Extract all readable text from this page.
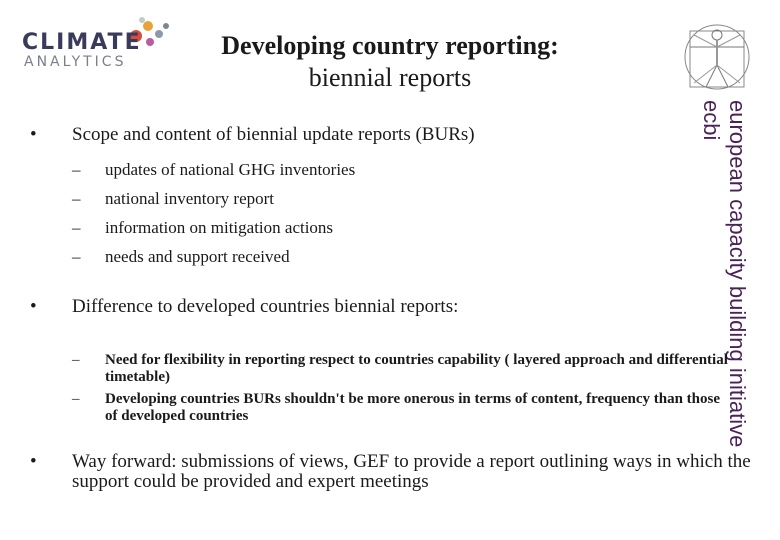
CLIMATE
ANALYTICS
Developing country reporting:
biennial reports
european capacity building initiative
ecbi
• Scope and content of biennial update reports (BURs)
– updates of national GHG inventories
– national inventory report
– information on mitigation actions
– needs and support received
• Difference to developed countries biennial reports:
– Need for flexibility in reporting respect to countries capability ( layered approach and differential timetable)
– Developing countries BURs shouldn't be more onerous in terms of content, frequency than those of developed countries
• Way forward: submissions of views, GEF to provide a report outlining ways in which the support could be provided and expert meetings
